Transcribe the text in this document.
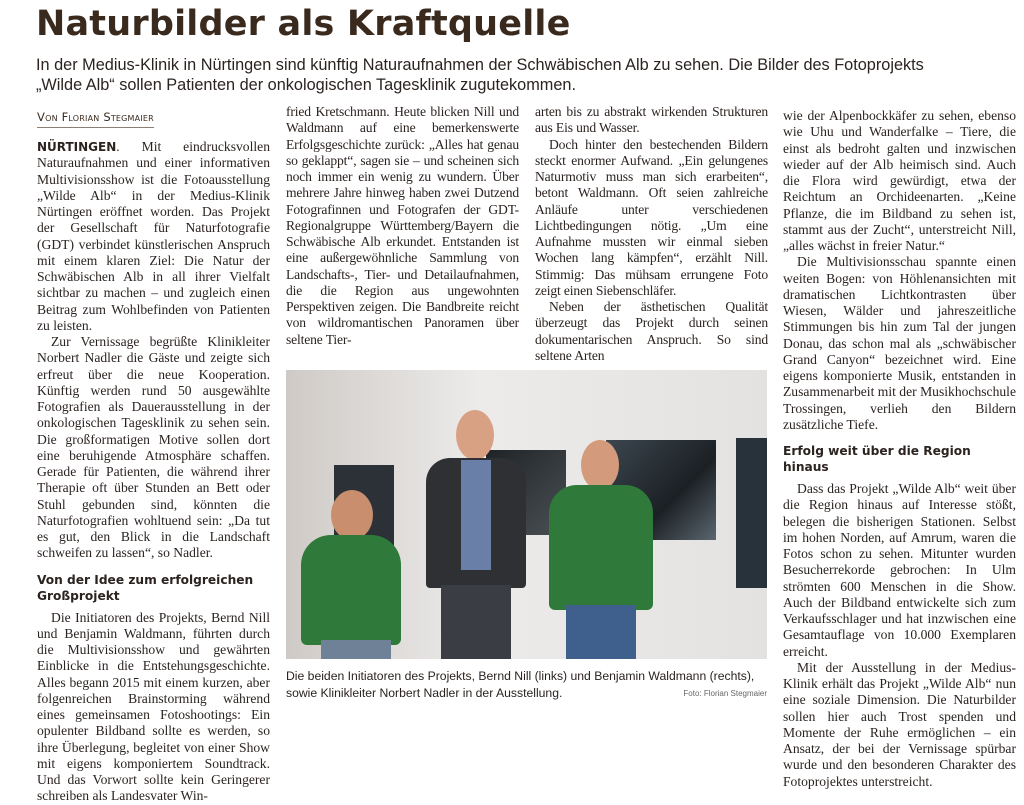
Naturbilder als Kraftquelle

In der Medius-Klinik in Nürtingen sind künftig Naturaufnahmen der Schwäbischen Alb zu sehen. Die Bilder des Fotoprojekts „Wilde Alb“ sollen Patienten der onkologischen Tagesklinik zugutekommen.

Von Florian Stegmaier

NÜRTINGEN. Mit eindrucksvollen Naturaufnahmen und einer informativen Multivisionsshow ist die Fotoausstellung „Wilde Alb“ in der Medius-Klinik Nürtingen eröffnet worden. Das Projekt der Gesellschaft für Naturfotografie (GDT) verbindet künstlerischen Anspruch mit einem klaren Ziel: Die Natur der Schwäbischen Alb in all ihrer Vielfalt sichtbar zu machen – und zugleich einen Beitrag zum Wohlbefinden von Patienten zu leisten.

Zur Vernissage begrüßte Klinikleiter Norbert Nadler die Gäste und zeigte sich erfreut über die neue Kooperation. Künftig werden rund 50 ausgewählte Fotografien als Dauerausstellung in der onkologischen Tagesklinik zu sehen sein. Die großformatigen Motive sollen dort eine beruhigende Atmosphäre schaffen. Gerade für Patienten, die während ihrer Therapie oft über Stunden an Bett oder Stuhl gebunden sind, könnten die Naturfotografien wohltuend sein: „Da tut es gut, den Blick in die Landschaft schweifen zu lassen“, so Nadler.

Von der Idee zum erfolgreichen Großprojekt

Die Initiatoren des Projekts, Bernd Nill und Benjamin Waldmann, führten durch die Multivisionsshow und gewährten Einblicke in die Entstehungsgeschichte. Alles begann 2015 mit einem kurzen, aber folgenreichen Brainstorming während eines gemeinsamen Fotoshootings: Ein opulenter Bildband sollte es werden, so ihre Überlegung, begleitet von einer Show mit eigens komponiertem Soundtrack. Und das Vorwort sollte kein Geringerer schreiben als Landesvater Win-

fried Kretschmann. Heute blicken Nill und Waldmann auf eine bemerkenswerte Erfolgsgeschichte zurück: „Alles hat genau so geklappt“, sagen sie – und scheinen sich noch immer ein wenig zu wundern. Über mehrere Jahre hinweg haben zwei Dutzend Fotografinnen und Fotografen der GDT-Regionalgruppe Württemberg/Bayern die Schwäbische Alb erkundet. Entstanden ist eine außergewöhnliche Sammlung von Landschafts-, Tier- und Detailaufnahmen, die die Region aus ungewohnten Perspektiven zeigen. Die Bandbreite reicht von wildromantischen Panoramen über seltene Tier-

arten bis zu abstrakt wirkenden Strukturen aus Eis und Wasser.

Doch hinter den bestechenden Bildern steckt enormer Aufwand. „Ein gelungenes Naturmotiv muss man sich erarbeiten“, betont Waldmann. Oft seien zahlreiche Anläufe unter verschiedenen Lichtbedingungen nötig. „Um eine Aufnahme mussten wir einmal sieben Wochen lang kämpfen“, erzählt Nill. Stimmig: Das mühsam errungene Foto zeigt einen Siebenschläfer.

Neben der ästhetischen Qualität überzeugt das Projekt durch seinen dokumentarischen Anspruch. So sind seltene Arten

wie der Alpenbockkäfer zu sehen, ebenso wie Uhu und Wanderfalke – Tiere, die einst als bedroht galten und inzwischen wieder auf der Alb heimisch sind. Auch die Flora wird gewürdigt, etwa der Reichtum an Orchideenarten. „Keine Pflanze, die im Bildband zu sehen ist, stammt aus der Zucht“, unterstreicht Nill, „alles wächst in freier Natur.“

Die Multivisionsschau spannte einen weiten Bogen: von Höhlenansichten mit dramatischen Lichtkontrasten über Wiesen, Wälder und jahreszeitliche Stimmungen bis hin zum Tal der jungen Donau, das schon mal als „schwäbischer Grand Canyon“ bezeichnet wird. Eine eigens komponierte Musik, entstanden in Zusammenarbeit mit der Musikhochschule Trossingen, verlieh den Bildern zusätzliche Tiefe.

Erfolg weit über die Region hinaus

Dass das Projekt „Wilde Alb“ weit über die Region hinaus auf Interesse stößt, belegen die bisherigen Stationen. Selbst im hohen Norden, auf Amrum, waren die Fotos schon zu sehen. Mitunter wurden Besucherrekorde gebrochen: In Ulm strömten 600 Menschen in die Show. Auch der Bildband entwickelte sich zum Verkaufsschlager und hat inzwischen eine Gesamtauflage von 10.000 Exemplaren erreicht.

Mit der Ausstellung in der Medius-Klinik erhält das Projekt „Wilde Alb“ nun eine soziale Dimension. Die Naturbilder sollen hier auch Trost spenden und Momente der Ruhe ermöglichen – ein Ansatz, der bei der Vernissage spürbar wurde und den besonderen Charakter des Fotoprojektes unterstreicht.

Die beiden Initiatoren des Projekts, Bernd Nill (links) und Benjamin Waldmann (rechts), sowie Klinikleiter Norbert Nadler in der Ausstellung.	Foto: Florian Stegmaier
